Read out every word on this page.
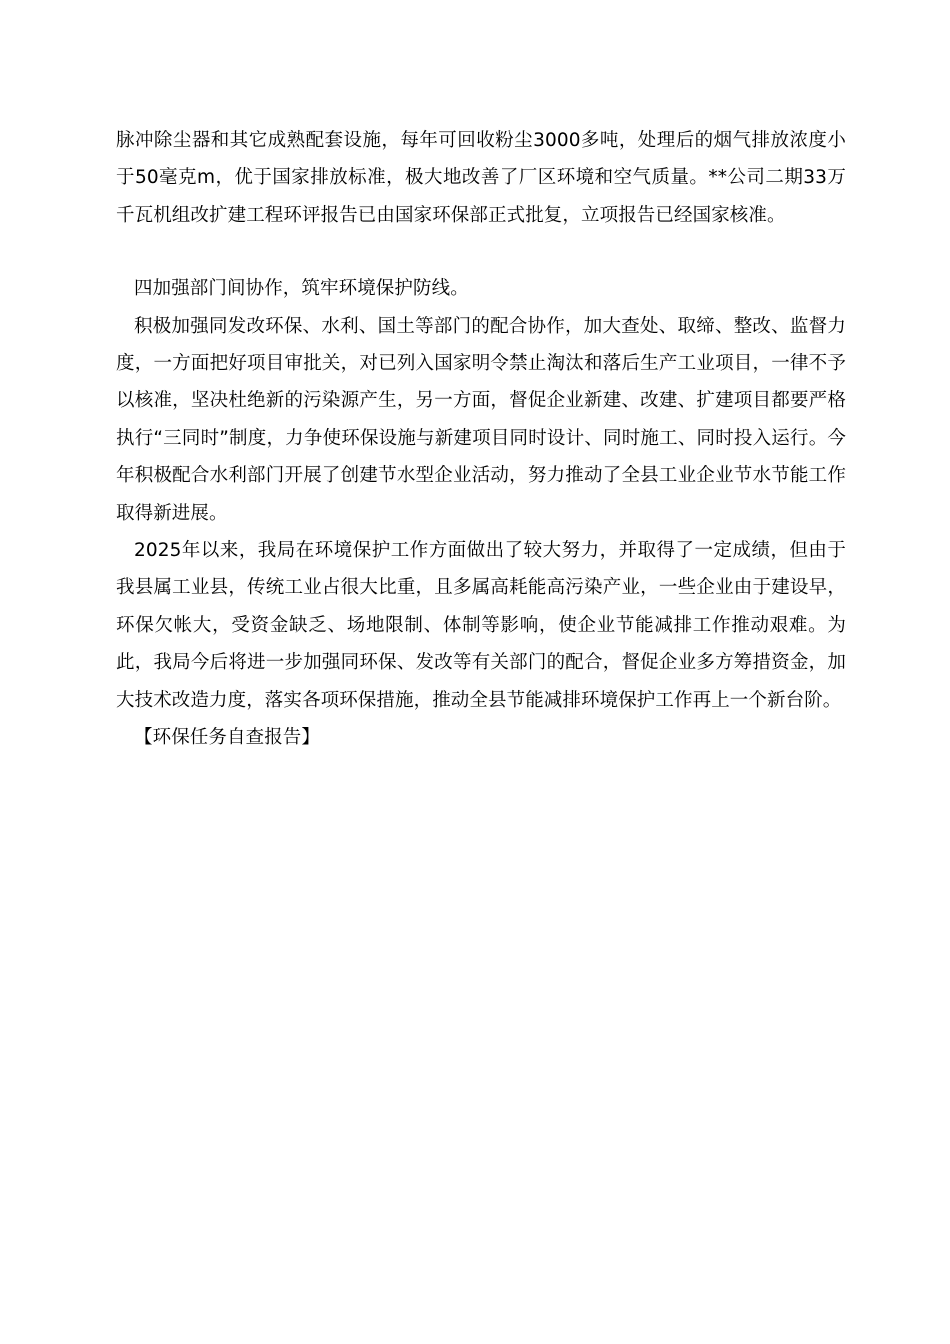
脉冲除尘器和其它成熟配套设施，每年可回收粉尘3000多吨，处理后的烟气排放浓度小于50毫克m，优于国家排放标准，极大地改善了厂区环境和空气质量。**公司二期33万千瓦机组改扩建工程环评报告已由国家环保部正式批复，立项报告已经国家核准。

四加强部门间协作，筑牢环境保护防线。

积极加强同发改环保、水利、国土等部门的配合协作，加大查处、取缔、整改、监督力度，一方面把好项目审批关，对已列入国家明令禁止淘汰和落后生产工业项目，一律不予以核准，坚决杜绝新的污染源产生，另一方面，督促企业新建、改建、扩建项目都要严格执行“三同时”制度，力争使环保设施与新建项目同时设计、同时施工、同时投入运行。今年积极配合水利部门开展了创建节水型企业活动，努力推动了全县工业企业节水节能工作取得新进展。

2025年以来，我局在环境保护工作方面做出了较大努力，并取得了一定成绩，但由于我县属工业县，传统工业占很大比重，且多属高耗能高污染产业，一些企业由于建设早，环保欠帐大，受资金缺乏、场地限制、体制等影响，使企业节能减排工作推动艰难。为此，我局今后将进一步加强同环保、发改等有关部门的配合，督促企业多方筹措资金，加大技术改造力度，落实各项环保措施，推动全县节能减排环境保护工作再上一个新台阶。

【环保任务自查报告】
